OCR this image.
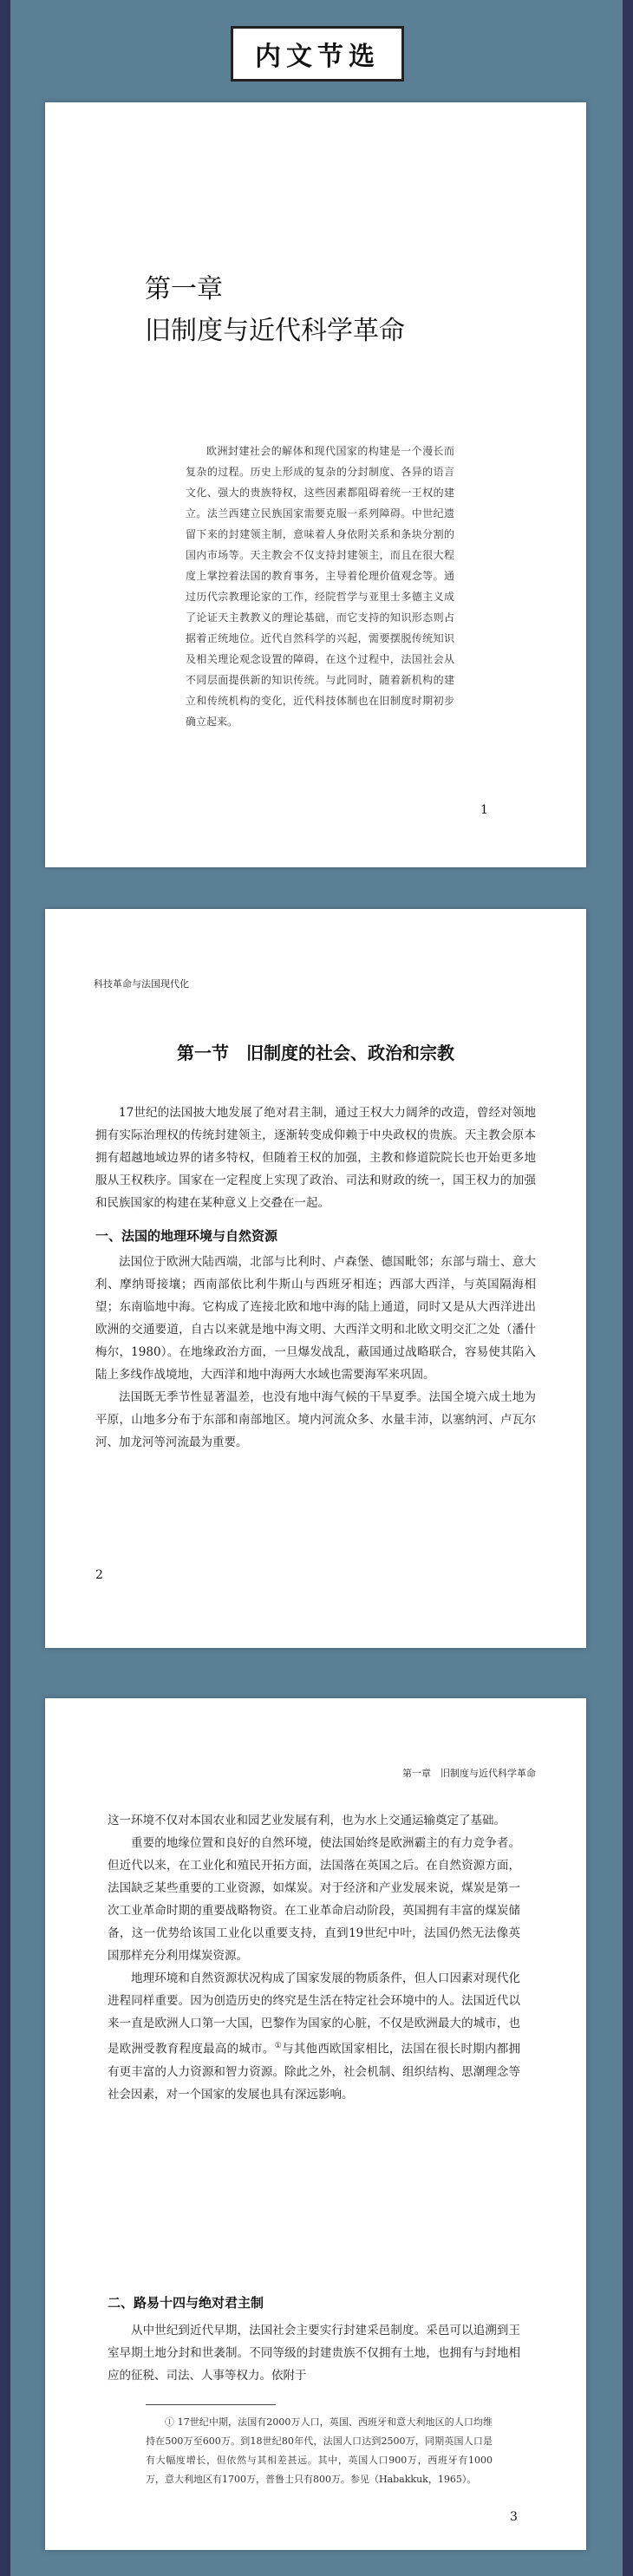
内文节选
第一章
旧制度与近代科学革命

欧洲封建社会的解体和现代国家的构建是一个漫长而复杂的过程。历史上形成的复杂的分封制度、各异的语言文化、强大的贵族特权，这些因素都阻碍着统一王权的建立。法兰西建立民族国家需要克服一系列障碍。中世纪遗留下来的封建领主制，意味着人身依附关系和条块分割的国内市场等。天主教会不仅支持封建领主，而且在很大程度上掌控着法国的教育事务，主导着伦理价值观念等。通过历代宗教理论家的工作，经院哲学与亚里士多德主义成了论证天主教教义的理论基础，而它支持的知识形态则占据着正统地位。近代自然科学的兴起，需要摆脱传统知识及相关理论观念设置的障碍，在这个过程中，法国社会从不同层面提供新的知识传统。与此同时，随着新机构的建立和传统机构的变化，近代科技体制也在旧制度时期初步确立起来。

1
科技革命与法国现代化
第一节　旧制度的社会、政治和宗教

17世纪的法国披大地发展了绝对君主制，通过王权大力阔斧的改造，曾经对领地拥有实际治理权的传统封建领主，逐渐转变成仰赖于中央政权的贵族。天主教会原本拥有超越地域边界的诸多特权，但随着王权的加强，主教和修道院院长也开始更多地服从王权秩序。国家在一定程度上实现了政治、司法和财政的统一，国王权力的加强和民族国家的构建在某种意义上交叠在一起。

一、法国的地理环境与自然资源

法国位于欧洲大陆西端，北部与比利时、卢森堡、德国毗邻；东部与瑞士、意大利、摩纳哥接壤；西南部依比利牛斯山与西班牙相连；西部大西洋，与英国隔海相望；东南临地中海。它构成了连接北欧和地中海的陆上通道，同时又是从大西洋进出欧洲的交通要道，自古以来就是地中海文明、大西洋文明和北欧文明交汇之处（潘什梅尔，1980）。在地缘政治方面，一旦爆发战乱，蔽国通过战略联合，容易使其陷入陆上多线作战境地，大西洋和地中海两大水域也需要海军来巩固。

法国既无季节性显著温差，也没有地中海气候的干旱夏季。法国全境六成土地为平原，山地多分布于东部和南部地区。境内河流众多、水量丰沛，以塞纳河、卢瓦尔河、加龙河等河流最为重要。

2
第一章　旧制度与近代科学革命

这一环境不仅对本国农业和园艺业发展有利，也为水上交通运输奠定了基础。

重要的地缘位置和良好的自然环境，使法国始终是欧洲霸主的有力竞争者。但近代以来，在工业化和殖民开拓方面，法国落在英国之后。在自然资源方面，法国缺乏某些重要的工业资源，如煤炭。对于经济和产业发展来说，煤炭是第一次工业革命时期的重要战略物资。在工业革命启动阶段，英国拥有丰富的煤炭储备，这一优势给该国工业化以重要支持，直到19世纪中叶，法国仍然无法像英国那样充分利用煤炭资源。

地理环境和自然资源状况构成了国家发展的物质条件，但人口因素对现代化进程同样重要。因为创造历史的终究是生活在特定社会环境中的人。法国近代以来一直是欧洲人口第一大国，巴黎作为国家的心脏，不仅是欧洲最大的城市，也是欧洲受教育程度最高的城市。①与其他西欧国家相比，法国在很长时期内都拥有更丰富的人力资源和智力资源。除此之外，社会机制、组织结构、思潮理念等社会因素，对一个国家的发展也具有深远影响。

二、路易十四与绝对君主制

从中世纪到近代早期，法国社会主要实行封建采邑制度。采邑可以追溯到王室早期土地分封和世袭制。不同等级的封建贵族不仅拥有土地，也拥有与封地相应的征税、司法、人事等权力。依附于

① 17世纪中期，法国有2000万人口，英国、西班牙和意大利地区的人口均维持在500万至600万。到18世纪80年代，法国人口达到2500万，同期英国人口是有大幅度增长，但依然与其相差甚远。其中，英国人口900万，西班牙有1000万，意大利地区有1700万，普鲁士只有800万。参见（Habakkuk，1965）。

3
